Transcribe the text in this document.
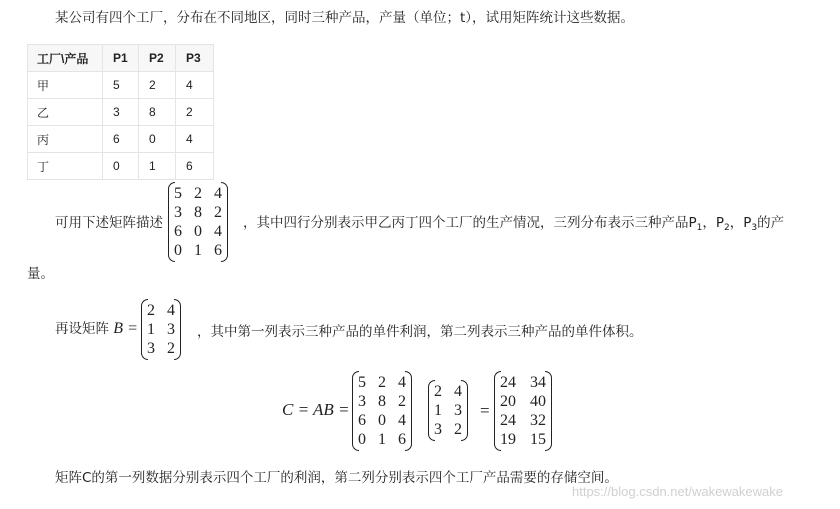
某公司有四个工厂，分布在不同地区，同时三种产品，产量（单位；t），试用矩阵统计这些数据。
工厂\产品	P1	P2	P3
甲	5	2	4
乙	3	8	2
丙	6	0	4
丁	0	1	6
5 2 4
3 8 2
6 0 4
0 1 6
可用下述矩阵描述	，其中四行分别表示甲乙丙丁四个工厂的生产情况，三列分布表示三种产品$P_1$，$P_2$，$P_3$的产
量。
再设矩阵 B =
2 4
1 3
3 2
，其中第一列表示三种产品的单件利润，第二列表示三种产品的单件体积。
C = AB =
5 2 4
3 8 2
6 0 4
0 1 6
2 4
1 3
3 2
=
24 34
20 40
24 32
19 15
矩阵C的第一列数据分别表示四个工厂的利润，第二列分别表示四个工厂产品需要的存储空间。
https://blog.csdn.net/wakewakewake
